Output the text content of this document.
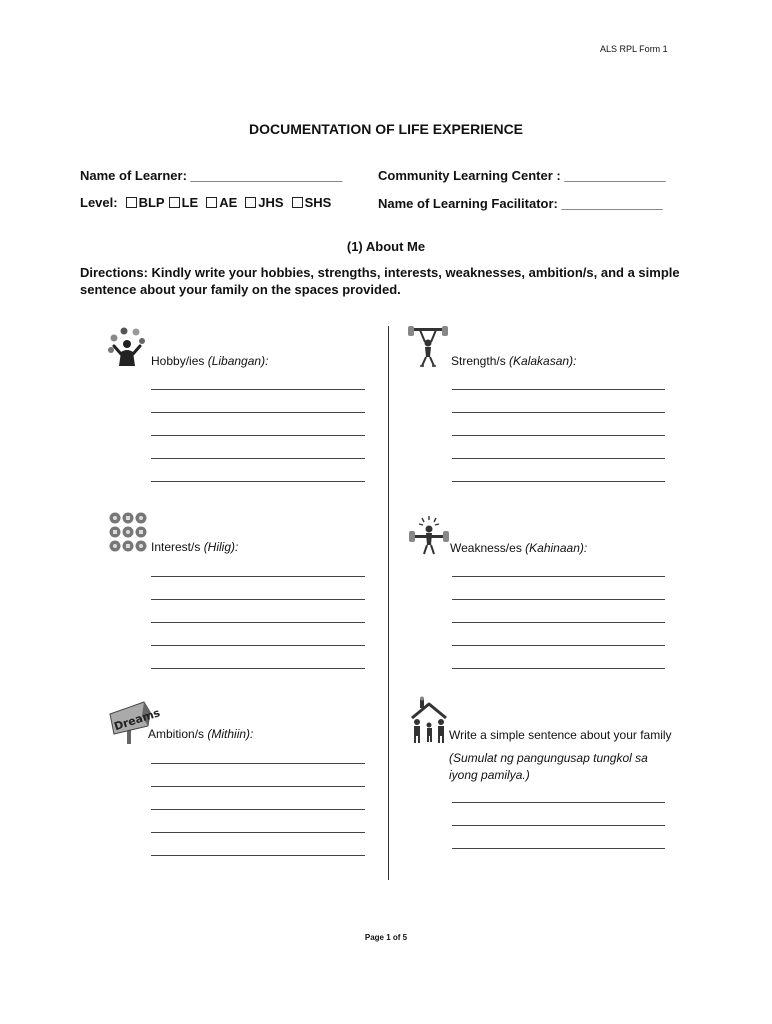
ALS RPL Form 1
DOCUMENTATION OF LIFE EXPERIENCE
Name of Learner: _____________________	Community Learning Center : ______________
Level: BLP LE AE JHS SHS	Name of Learning Facilitator: ______________
(1) About Me
Directions: Kindly write your hobbies, strengths, interests, weaknesses, ambition/s, and a simple sentence about your family on the spaces provided.
Hobby/ies (Libangan):
Interest/s (Hilig):
Dreams
Ambition/s (Mithiin):
Strength/s (Kalakasan):
Weakness/es (Kahinaan):
Write a simple sentence about your family
(Sumulat ng pangungusap tungkol sa iyong pamilya.)
Page 1 of 5
